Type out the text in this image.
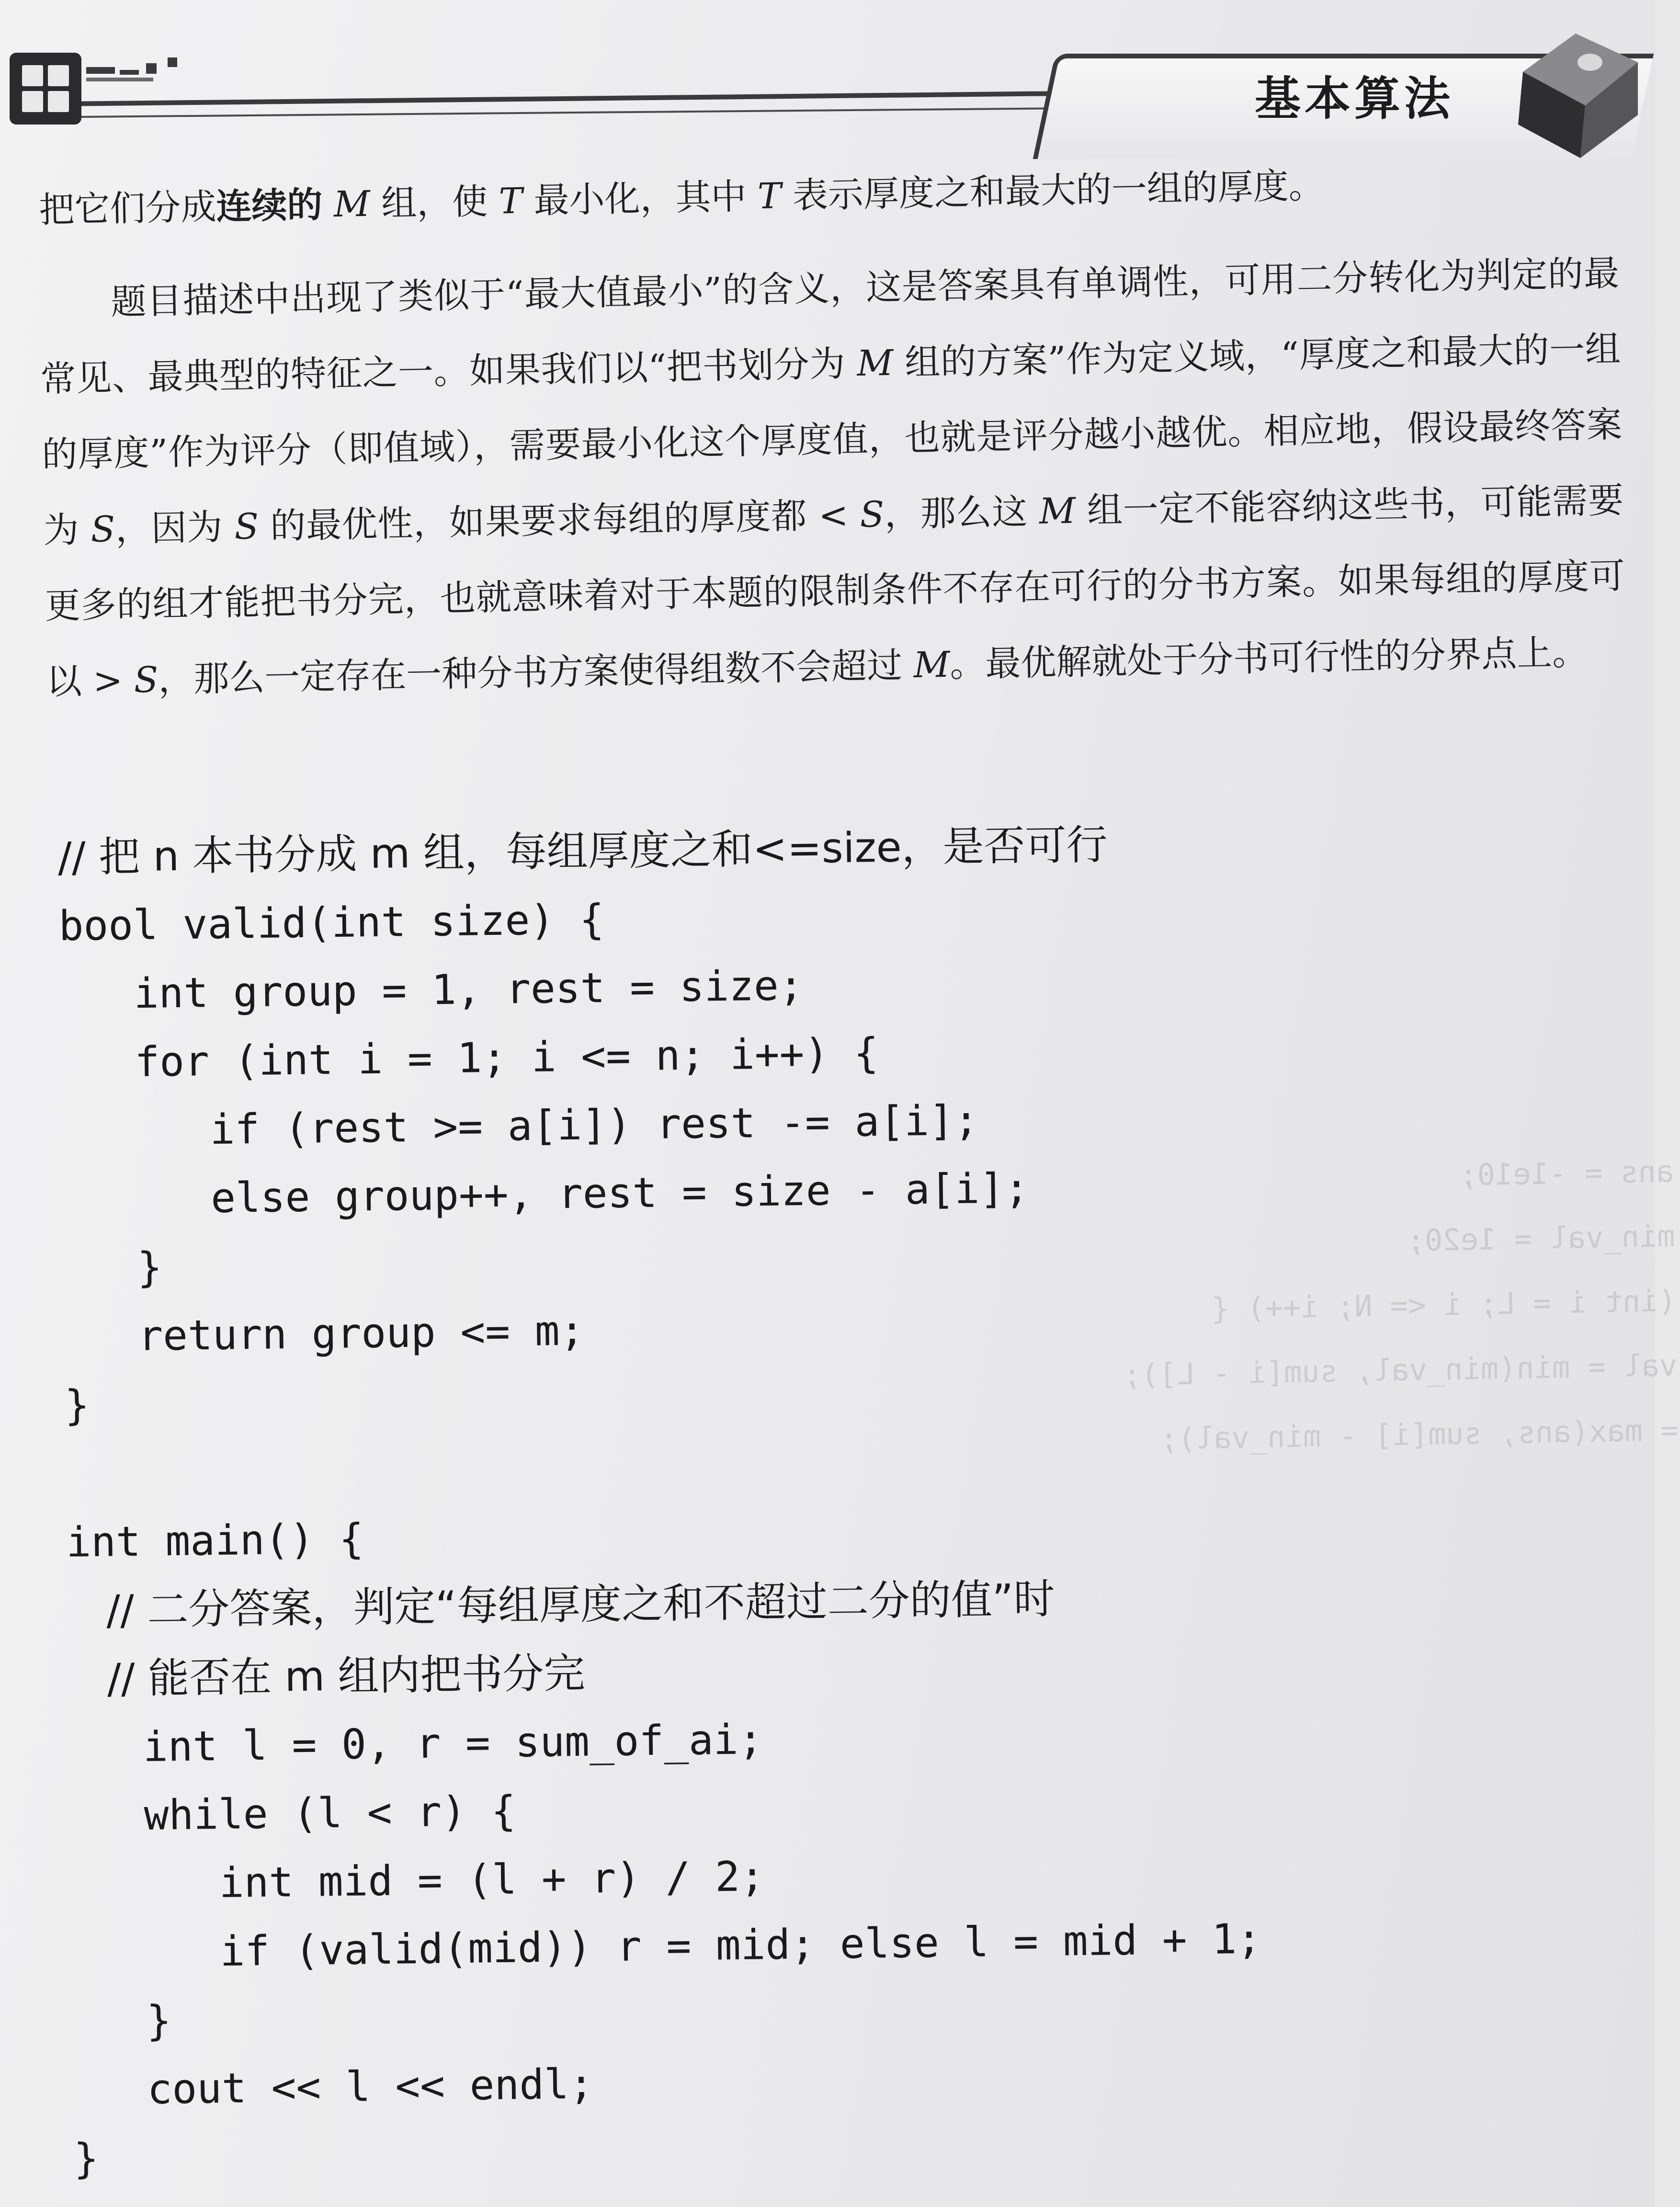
基本算法

把它们分成连续的 M 组，使 T 最小化，其中 T 表示厚度之和最大的一组的厚度。

题目描述中出现了类似于“最大值最小”的含义，这是答案具有单调性，可用二分转化为判定的最常见、最典型的特征之一。如果我们以“把书划分为 M 组的方案”作为定义域，“厚度之和最大的一组的厚度”作为评分（即值域），需要最小化这个厚度值，也就是评分越小越优。相应地，假设最终答案为 S，因为 S 的最优性，如果要求每组的厚度都 < S，那么这 M 组一定不能容纳这些书，可能需要更多的组才能把书分完，也就意味着对于本题的限制条件不存在可行的分书方案。如果每组的厚度可以 > S，那么一定存在一种分书方案使得组数不会超过 M。最优解就处于分书可行性的分界点上。

// 把 n 本书分成 m 组，每组厚度之和<=size，是否可行
bool valid(int size) {
int group = 1, rest = size;
for (int i = 1; i <= n; i++) {
if (rest >= a[i]) rest -= a[i];
else group++, rest = size - a[i];
}
return group <= m;
}
int main() {
// 二分答案，判定“每组厚度之和不超过二分的值”时
// 能否在 m 组内把书分完
int l = 0, r = sum_of_ai;
while (l < r) {
int mid = (l + r) / 2;
if (valid(mid)) r = mid; else l = mid + 1;
}
cout << l << endl;
}

ans = -1e10;
min_val = 1e20;
(int i = L; i <= N; i++) {
val = min(min_val, sum[i - L]);
= max(ans, sum[i] - min_val);
